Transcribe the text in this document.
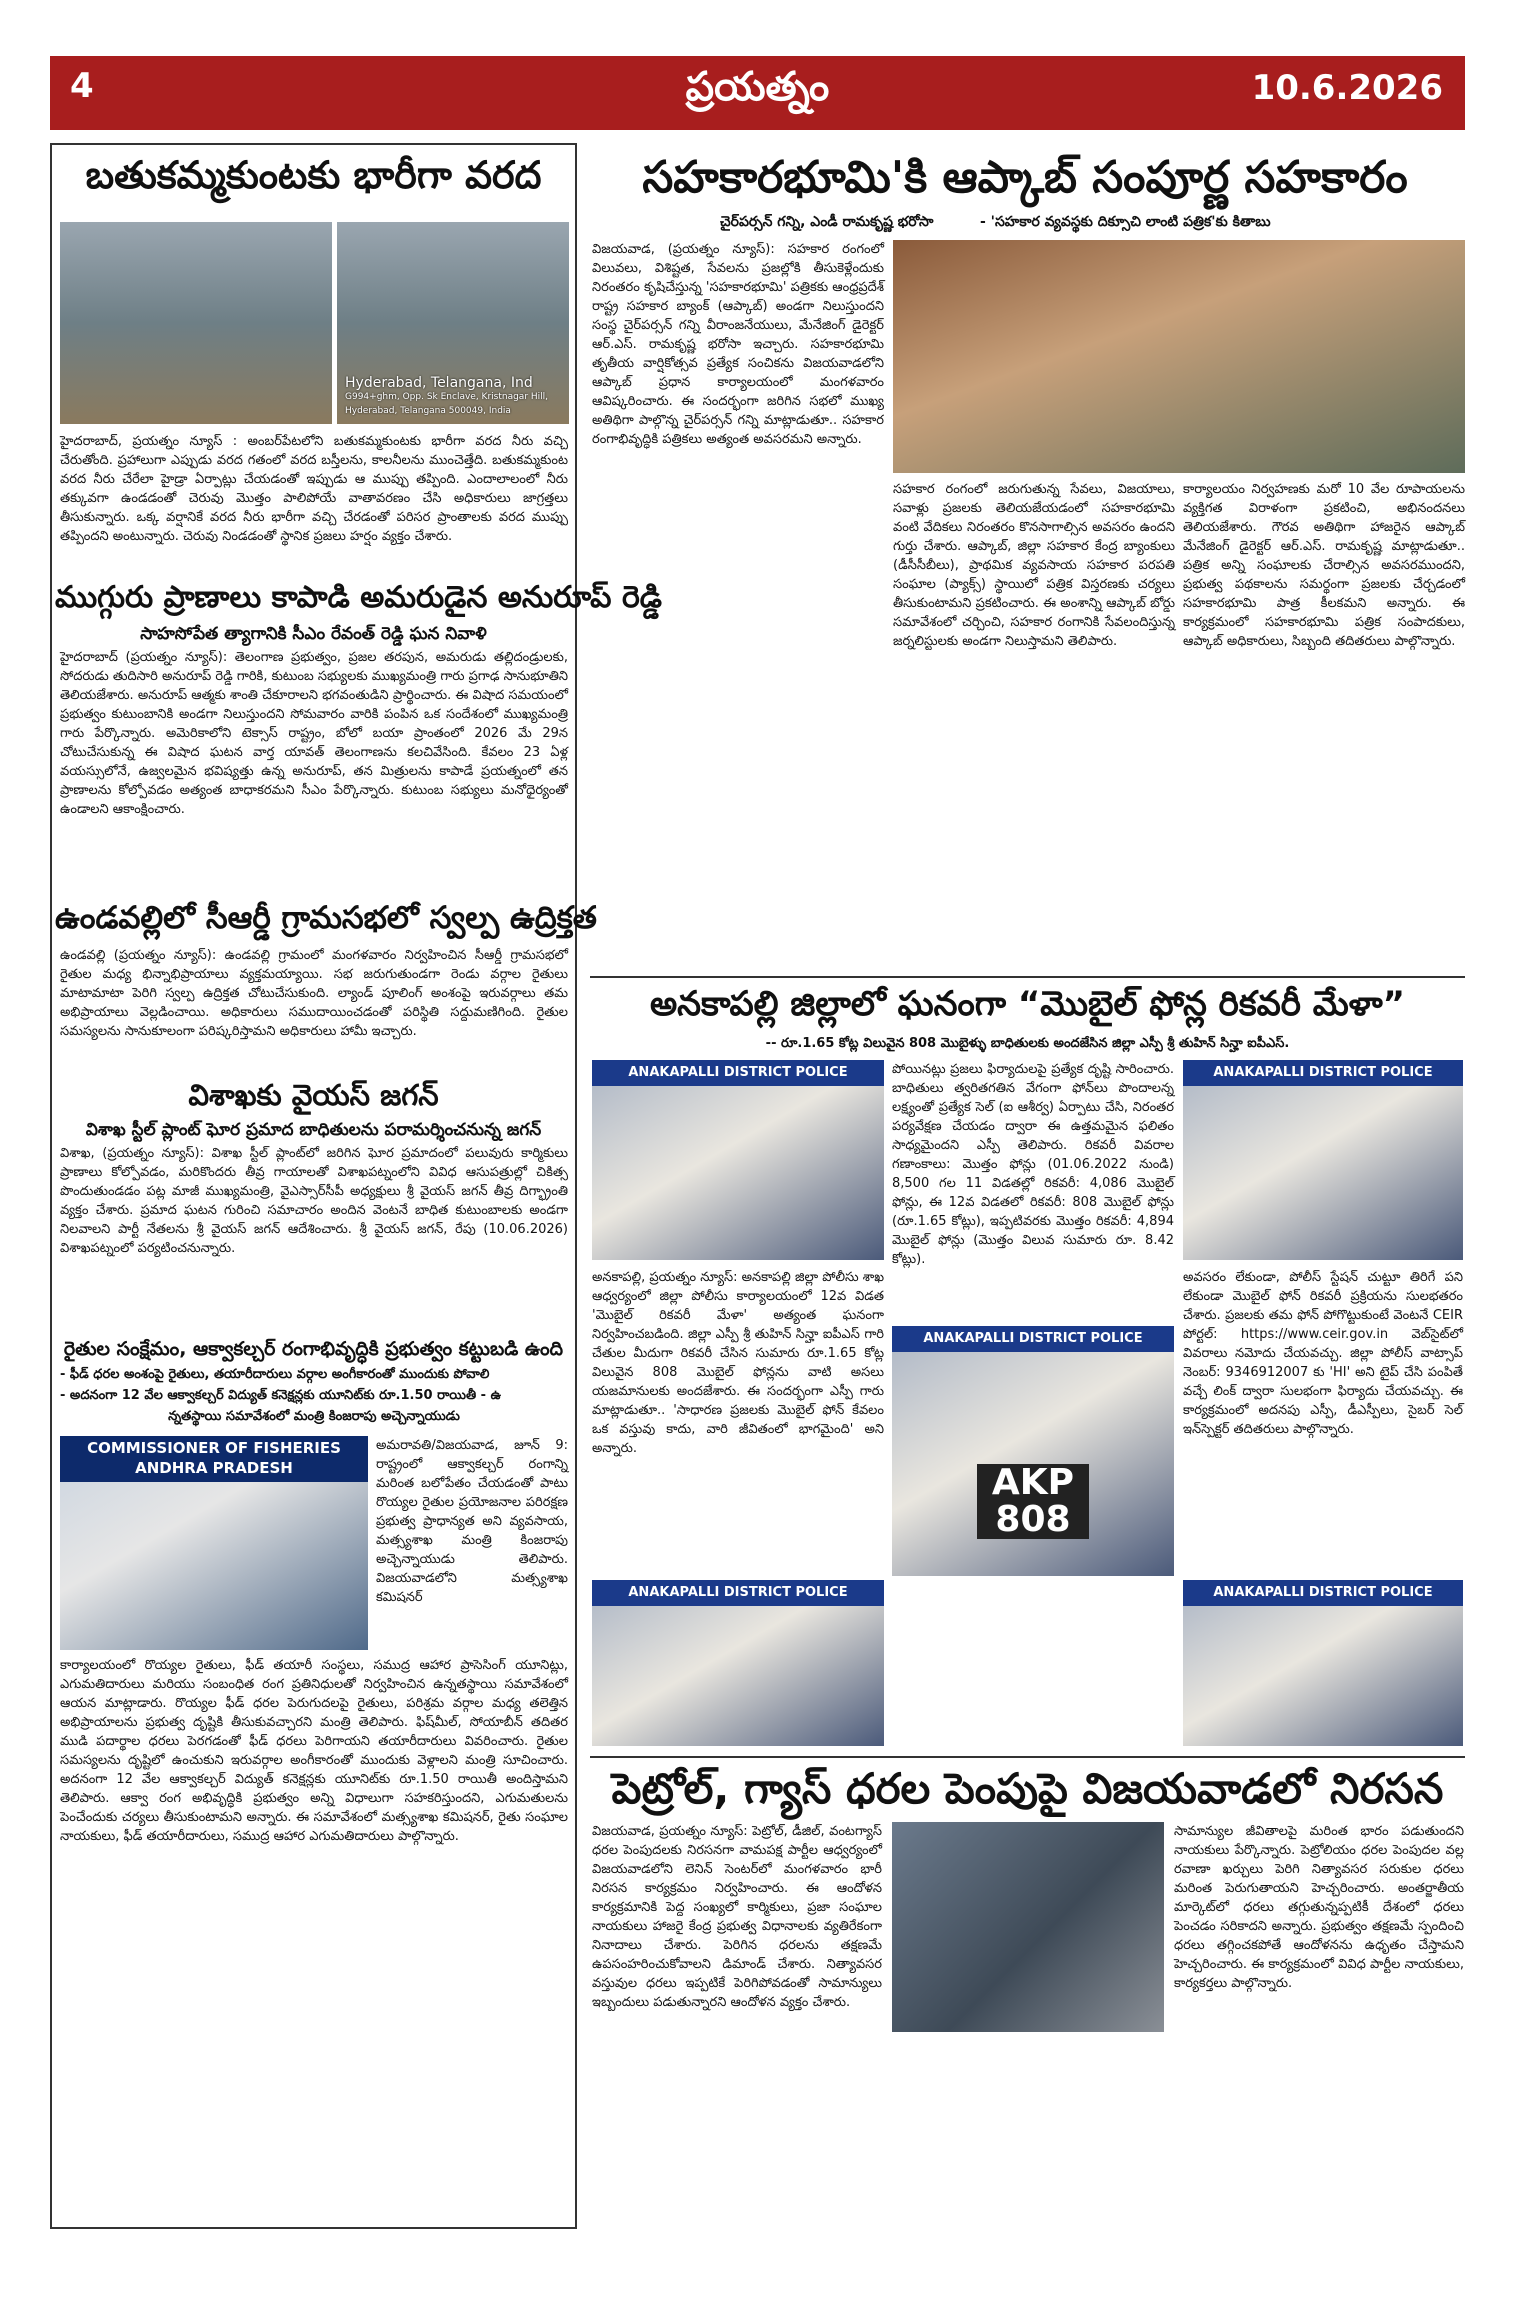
4	ప్రయత్నం	10.6.2026
బతుకమ్మకుంటకు భారీగా వరద
Hyderabad, Telangana, Ind
G994+ghm, Opp. Sk Enclave, Kristnagar Hill, Hyderabad, Telangana 500049, India
హైదరాబాద్, ప్రయత్నం న్యూస్ : అంబర్‌పేటలోని బతుకమ్మకుంటకు భారీగా వరద నీరు వచ్చి చేరుతోంది. ప్రహాలుగా ఎప్పుడు వరద గతంలో వరద బస్తీలను, కాలనీలను ముంచెత్తేది. బతుకమ్మకుంట వరద నీరు చేరేలా హైడ్రా ఏర్పాట్లు చేయడంతో ఇప్పుడు ఆ ముప్పు తప్పింది. ఎందాలాలంలో నీరు తక్కువగా ఉండడంతో చెరువు మొత్తం పాలిపోయే వాతావరణం చేసి అధికారులు జాగ్రత్తలు తీసుకున్నారు. ఒక్క వర్షానికే వరద నీరు భారీగా వచ్చి చేరడంతో పరిసర ప్రాంతాలకు వరద ముప్పు తప్పిందని అంటున్నారు. చెరువు నిండడంతో స్థానిక ప్రజలు హర్షం వ్యక్తం చేశారు.
ముగ్గురు ప్రాణాలు కాపాడి అమరుడైన అనురూప్ రెడ్డి
సాహసోపేత త్యాగానికి సీఎం రేవంత్ రెడ్డి ఘన నివాళి
హైదరాబాద్ (ప్రయత్నం న్యూస్): తెలంగాణ ప్రభుత్వం, ప్రజల తరపున, అమరుడు తల్లిదండ్రులకు, సోదరుడు తుదిసారి అనురూప్ రెడ్డి గారికి, కుటుంబ సభ్యులకు ముఖ్యమంత్రి గారు ప్రగాఢ సానుభూతిని తెలియజేశారు. అనురూప్ ఆత్మకు శాంతి చేకూరాలని భగవంతుడిని ప్రార్థించారు. ఈ విషాద సమయంలో ప్రభుత్వం కుటుంబానికి అండగా నిలుస్తుందని సోమవారం వారికి పంపిన ఒక సందేశంలో ముఖ్యమంత్రి గారు పేర్కొన్నారు. అమెరికాలోని టెక్సాస్ రాష్ట్రం, బోలో బయా ప్రాంతంలో 2026 మే 29న చోటుచేసుకున్న ఈ విషాద ఘటన వార్త యావత్ తెలంగాణను కలచివేసింది. కేవలం 23 ఏళ్ల వయస్సులోనే, ఉజ్వలమైన భవిష్యత్తు ఉన్న అనురూప్, తన మిత్రులను కాపాడే ప్రయత్నంలో తన ప్రాణాలను కోల్పోవడం అత్యంత బాధాకరమని సీఎం పేర్కొన్నారు. కుటుంబ సభ్యులు మనోధైర్యంతో ఉండాలని ఆకాంక్షించారు.
ఉండవల్లిలో సీఆర్డీ గ్రామసభలో స్వల్ప ఉద్రిక్తత
ఉండవల్లి (ప్రయత్నం న్యూస్): ఉండవల్లి గ్రామంలో మంగళవారం నిర్వహించిన సీఆర్డీ గ్రామసభలో రైతుల మధ్య భిన్నాభిప్రాయాలు వ్యక్తమయ్యాయి. సభ జరుగుతుండగా రెండు వర్గాల రైతులు మాటామాటా పెరిగి స్వల్ప ఉద్రిక్తత చోటుచేసుకుంది. ల్యాండ్ పూలింగ్ అంశంపై ఇరువర్గాలు తమ అభిప్రాయాలు వెల్లడించాయి. అధికారులు సముదాయించడంతో పరిస్థితి సద్దుమణిగింది. రైతుల సమస్యలను సానుకూలంగా పరిష్కరిస్తామని అధికారులు హామీ ఇచ్చారు.
విశాఖకు వైయస్ జగన్
విశాఖ స్టీల్ ప్లాంట్ ఘోర ప్రమాద బాధితులను పరామర్శించనున్న జగన్
విశాఖ, (ప్రయత్నం న్యూస్): విశాఖ స్టీల్ ప్లాంట్‌లో జరిగిన ఘోర ప్రమాదంలో పలువురు కార్మికులు ప్రాణాలు కోల్పోవడం, మరికొందరు తీవ్ర గాయాలతో విశాఖపట్నంలోని వివిధ ఆసుపత్రుల్లో చికిత్స పొందుతుండడం పట్ల మాజీ ముఖ్యమంత్రి, వైఎస్సార్‌సీపీ అధ్యక్షులు శ్రీ వైయస్ జగన్ తీవ్ర దిగ్భ్రాంతి వ్యక్తం చేశారు. ప్రమాద ఘటన గురించి సమాచారం అందిన వెంటనే బాధిత కుటుంబాలకు అండగా నిలవాలని పార్టీ నేతలను శ్రీ వైయస్ జగన్ ఆదేశించారు. శ్రీ వైయస్ జగన్, రేపు (10.06.2026) విశాఖపట్నంలో పర్యటించనున్నారు.
రైతుల సంక్షేమం, ఆక్వాకల్చర్ రంగాభివృద్ధికి ప్రభుత్వం కట్టుబడి ఉంది
- ఫీడ్ ధరల అంశంపై రైతులు, తయారీదారులు వర్గాల అంగీకారంతో ముందుకు పోవాలి
- అదనంగా 12 వేల ఆక్వాకల్చర్ విద్యుత్ కనెక్షన్లకు యూనిట్‌కు రూ.1.50 రాయితీ - ఉ
న్నతస్థాయి సమావేశంలో మంత్రి కింజరాపు అచ్చెన్నాయుడు
COMMISSIONER OF FISHERIES ANDHRA PRADESH
అమరావతి/విజయవాడ, జూన్ 9: రాష్ట్రంలో ఆక్వాకల్చర్ రంగాన్ని మరింత బలోపేతం చేయడంతో పాటు రొయ్యల రైతుల ప్రయోజనాల పరిరక్షణ ప్రభుత్వ ప్రాధాన్యత అని వ్యవసాయ, మత్స్యశాఖ మంత్రి కింజరాపు అచ్చెన్నాయుడు తెలిపారు. విజయవాడలోని మత్స్యశాఖ కమిషనర్
కార్యాలయంలో రొయ్యల రైతులు, ఫీడ్ తయారీ సంస్థలు, సముద్ర ఆహార ప్రాసెసింగ్ యూనిట్లు, ఎగుమతిదారులు మరియు సంబంధిత రంగ ప్రతినిధులతో నిర్వహించిన ఉన్నతస్థాయి సమావేశంలో ఆయన మాట్లాడారు. రొయ్యల ఫీడ్ ధరల పెరుగుదలపై రైతులు, పరిశ్రమ వర్గాల మధ్య తలెత్తిన అభిప్రాయాలను ప్రభుత్వ దృష్టికి తీసుకువచ్చారని మంత్రి తెలిపారు. ఫిష్‌మీల్, సోయాబీన్ తదితర ముడి పదార్థాల ధరలు పెరగడంతో ఫీడ్ ధరలు పెరిగాయని తయారీదారులు వివరించారు. రైతుల సమస్యలను దృష్టిలో ఉంచుకుని ఇరువర్గాల అంగీకారంతో ముందుకు వెళ్లాలని మంత్రి సూచించారు. అదనంగా 12 వేల ఆక్వాకల్చర్ విద్యుత్ కనెక్షన్లకు యూనిట్‌కు రూ.1.50 రాయితీ అందిస్తామని తెలిపారు. ఆక్వా రంగ అభివృద్ధికి ప్రభుత్వం అన్ని విధాలుగా సహకరిస్తుందని, ఎగుమతులను పెంచేందుకు చర్యలు తీసుకుంటామని అన్నారు. ఈ సమావేశంలో మత్స్యశాఖ కమిషనర్, రైతు సంఘాల నాయకులు, ఫీడ్ తయారీదారులు, సముద్ర ఆహార ఎగుమతిదారులు పాల్గొన్నారు.
సహకారభూమి'కి ఆప్కాబ్ సంపూర్ణ సహకారం
చైర్‌పర్సన్ గన్ని, ఎండీ రామకృష్ణ భరోసా	- 'సహకార వ్యవస్థకు దిక్సూచి లాంటి పత్రిక'కు కితాబు
విజయవాడ, (ప్రయత్నం న్యూస్): సహకార రంగంలో విలువలు, విశిష్టత, సేవలను ప్రజల్లోకి తీసుకెళ్లేందుకు నిరంతరం కృషిచేస్తున్న 'సహకారభూమి' పత్రికకు ఆంధ్రప్రదేశ్ రాష్ట్ర సహకార బ్యాంక్ (ఆప్కాబ్) అండగా నిలుస్తుందని సంస్థ చైర్‌పర్సన్ గన్ని వీరాంజనేయులు, మేనేజింగ్ డైరెక్టర్ ఆర్.ఎస్. రామకృష్ణ భరోసా ఇచ్చారు. సహకారభూమి తృతీయ వార్షికోత్సవ ప్రత్యేక సంచికను విజయవాడలోని ఆప్కాబ్ ప్రధాన కార్యాలయంలో మంగళవారం ఆవిష్కరించారు. ఈ సందర్భంగా జరిగిన సభలో ముఖ్య అతిథిగా పాల్గొన్న చైర్‌పర్సన్ గన్ని మాట్లాడుతూ.. సహకార రంగాభివృద్ధికి పత్రికలు అత్యంత అవసరమని అన్నారు.
సహకార రంగంలో జరుగుతున్న సేవలు, విజయాలు, సవాళ్లు ప్రజలకు తెలియజేయడంలో సహకారభూమి వంటి వేదికలు నిరంతరం కొనసాగాల్సిన అవసరం ఉందని గుర్తు చేశారు. ఆప్కాబ్, జిల్లా సహకార కేంద్ర బ్యాంకులు (డీసీసీబీలు), ప్రాథమిక వ్యవసాయ సహకార పరపతి సంఘాల (ప్యాక్స్) స్థాయిలో పత్రిక విస్తరణకు చర్యలు తీసుకుంటామని ప్రకటించారు. ఈ అంశాన్ని ఆప్కాబ్ బోర్డు సమావేశంలో చర్చించి, సహకార రంగానికి సేవలందిస్తున్న జర్నలిస్టులకు అండగా నిలుస్తామని తెలిపారు.
కార్యాలయం నిర్వహణకు మరో 10 వేల రూపాయలను వ్యక్తిగత విరాళంగా ప్రకటించి, అభినందనలు తెలియజేశారు. గౌరవ అతిథిగా హాజరైన ఆప్కాబ్ మేనేజింగ్ డైరెక్టర్ ఆర్.ఎస్. రామకృష్ణ మాట్లాడుతూ.. పత్రిక అన్ని సంఘాలకు చేరాల్సిన అవసరముందని, ప్రభుత్వ పథకాలను సమర్థంగా ప్రజలకు చేర్చడంలో సహకారభూమి పాత్ర కీలకమని అన్నారు. ఈ కార్యక్రమంలో సహకారభూమి పత్రిక సంపాదకులు, ఆప్కాబ్ అధికారులు, సిబ్బంది తదితరులు పాల్గొన్నారు.
అనకాపల్లి జిల్లాలో ఘనంగా “మొబైల్ ఫోన్ల రికవరీ మేళా”
-- రూ.1.65 కోట్ల విలువైన 808 మొబైళ్ళు బాధితులకు అందజేసిన జిల్లా ఎస్పీ శ్రీ తుహిన్ సిన్హా ఐపీఎస్.
ANAKAPALLI DISTRICT POLICE	పోయినట్లు ప్రజలు ఫిర్యాదులపై ప్రత్యేక దృష్టి సారించారు. బాధితులు త్వరితగతిన వేగంగా ఫోన్‌లు పొందాలన్న లక్ష్యంతో ప్రత్యేక సెల్ (ఐ ఆశీర్వ) ఏర్పాటు చేసి, నిరంతర పర్యవేక్షణ చేయడం ద్వారా ఈ ఉత్తమమైన ఫలితం సాధ్యమైందని ఎస్పీ తెలిపారు. రికవరీ వివరాల గణాంకాలు: మొత్తం ఫోన్లు (01.06.2022 నుండి) 8,500 గల 11 విడతల్లో రికవరీ: 4,086 మొబైల్ ఫోన్లు, ఈ 12వ విడతలో రికవరీ: 808 మొబైల్ ఫోన్లు (రూ.1.65 కోట్లు), ఇప్పటివరకు మొత్తం రికవరీ: 4,894 మొబైల్ ఫోన్లు (మొత్తం విలువ సుమారు రూ. 8.42 కోట్లు).
ANAKAPALLI DISTRICT POLICE
అనకాపల్లి, ప్రయత్నం న్యూస్: అనకాపల్లి జిల్లా పోలీసు శాఖ ఆధ్వర్యంలో జిల్లా పోలీసు కార్యాలయంలో 12వ విడత 'మొబైల్ రికవరీ మేళా' అత్యంత ఘనంగా నిర్వహించబడింది. జిల్లా ఎస్పీ శ్రీ తుహిన్ సిన్హా ఐపీఎస్ గారి చేతుల మీదుగా రికవరీ చేసిన సుమారు రూ.1.65 కోట్ల విలువైన 808 మొబైల్ ఫోన్లను వాటి అసలు యజమానులకు అందజేశారు. ఈ సందర్భంగా ఎస్పీ గారు మాట్లాడుతూ.. 'సాధారణ ప్రజలకు మొబైల్ ఫోన్ కేవలం ఒక వస్తువు కాదు, వారి జీవితంలో భాగమైంది' అని అన్నారు.
ANAKAPALLI DISTRICT POLICE
AKP
808
అవసరం లేకుండా, పోలీస్ స్టేషన్ చుట్టూ తిరిగే పని లేకుండా మొబైల్ ఫోన్ రికవరీ ప్రక్రియను సులభతరం చేశారు. ప్రజలకు తమ ఫోన్ పోగొట్టుకుంటే వెంటనే CEIR పోర్టల్: https://www.ceir.gov.in వెబ్‌సైట్‌లో వివరాలు నమోదు చేయవచ్చు. జిల్లా పోలీస్ వాట్సాప్ నెంబర్: 9346912007 కు 'HI' అని టైప్ చేసి పంపితే వచ్చే లింక్ ద్వారా సులభంగా ఫిర్యాదు చేయవచ్చు. ఈ కార్యక్రమంలో అదనపు ఎస్పీ, డీఎస్పీలు, సైబర్ సెల్ ఇన్‌స్పెక్టర్ తదితరులు పాల్గొన్నారు.
ANAKAPALLI DISTRICT POLICE	ANAKAPALLI DISTRICT POLICE
పెట్రోల్, గ్యాస్ ధరల పెంపుపై విజయవాడలో నిరసన
విజయవాడ, ప్రయత్నం న్యూస్: పెట్రోల్, డీజిల్, వంటగ్యాస్ ధరల పెంపుదలకు నిరసనగా వామపక్ష పార్టీల ఆధ్వర్యంలో విజయవాడలోని లెనిన్ సెంటర్‌లో మంగళవారం భారీ నిరసన కార్యక్రమం నిర్వహించారు. ఈ ఆందోళన కార్యక్రమానికి పెద్ద సంఖ్యలో కార్మికులు, ప్రజా సంఘాల నాయకులు హాజరై కేంద్ర ప్రభుత్వ విధానాలకు వ్యతిరేకంగా నినాదాలు చేశారు. పెరిగిన ధరలను తక్షణమే ఉపసంహరించుకోవాలని డిమాండ్ చేశారు. నిత్యావసర వస్తువుల ధరలు ఇప్పటికే పెరిగిపోవడంతో సామాన్యులు ఇబ్బందులు పడుతున్నారని ఆందోళన వ్యక్తం చేశారు.
సామాన్యుల జీవితాలపై మరింత భారం పడుతుందని నాయకులు పేర్కొన్నారు. పెట్రోలియం ధరల పెంపుదల వల్ల రవాణా ఖర్చులు పెరిగి నిత్యావసర సరుకుల ధరలు మరింత పెరుగుతాయని హెచ్చరించారు. అంతర్జాతీయ మార్కెట్‌లో ధరలు తగ్గుతున్నప్పటికీ దేశంలో ధరలు పెంచడం సరికాదని అన్నారు. ప్రభుత్వం తక్షణమే స్పందించి ధరలు తగ్గించకపోతే ఆందోళనను ఉధృతం చేస్తామని హెచ్చరించారు. ఈ కార్యక్రమంలో వివిధ పార్టీల నాయకులు, కార్యకర్తలు పాల్గొన్నారు.
